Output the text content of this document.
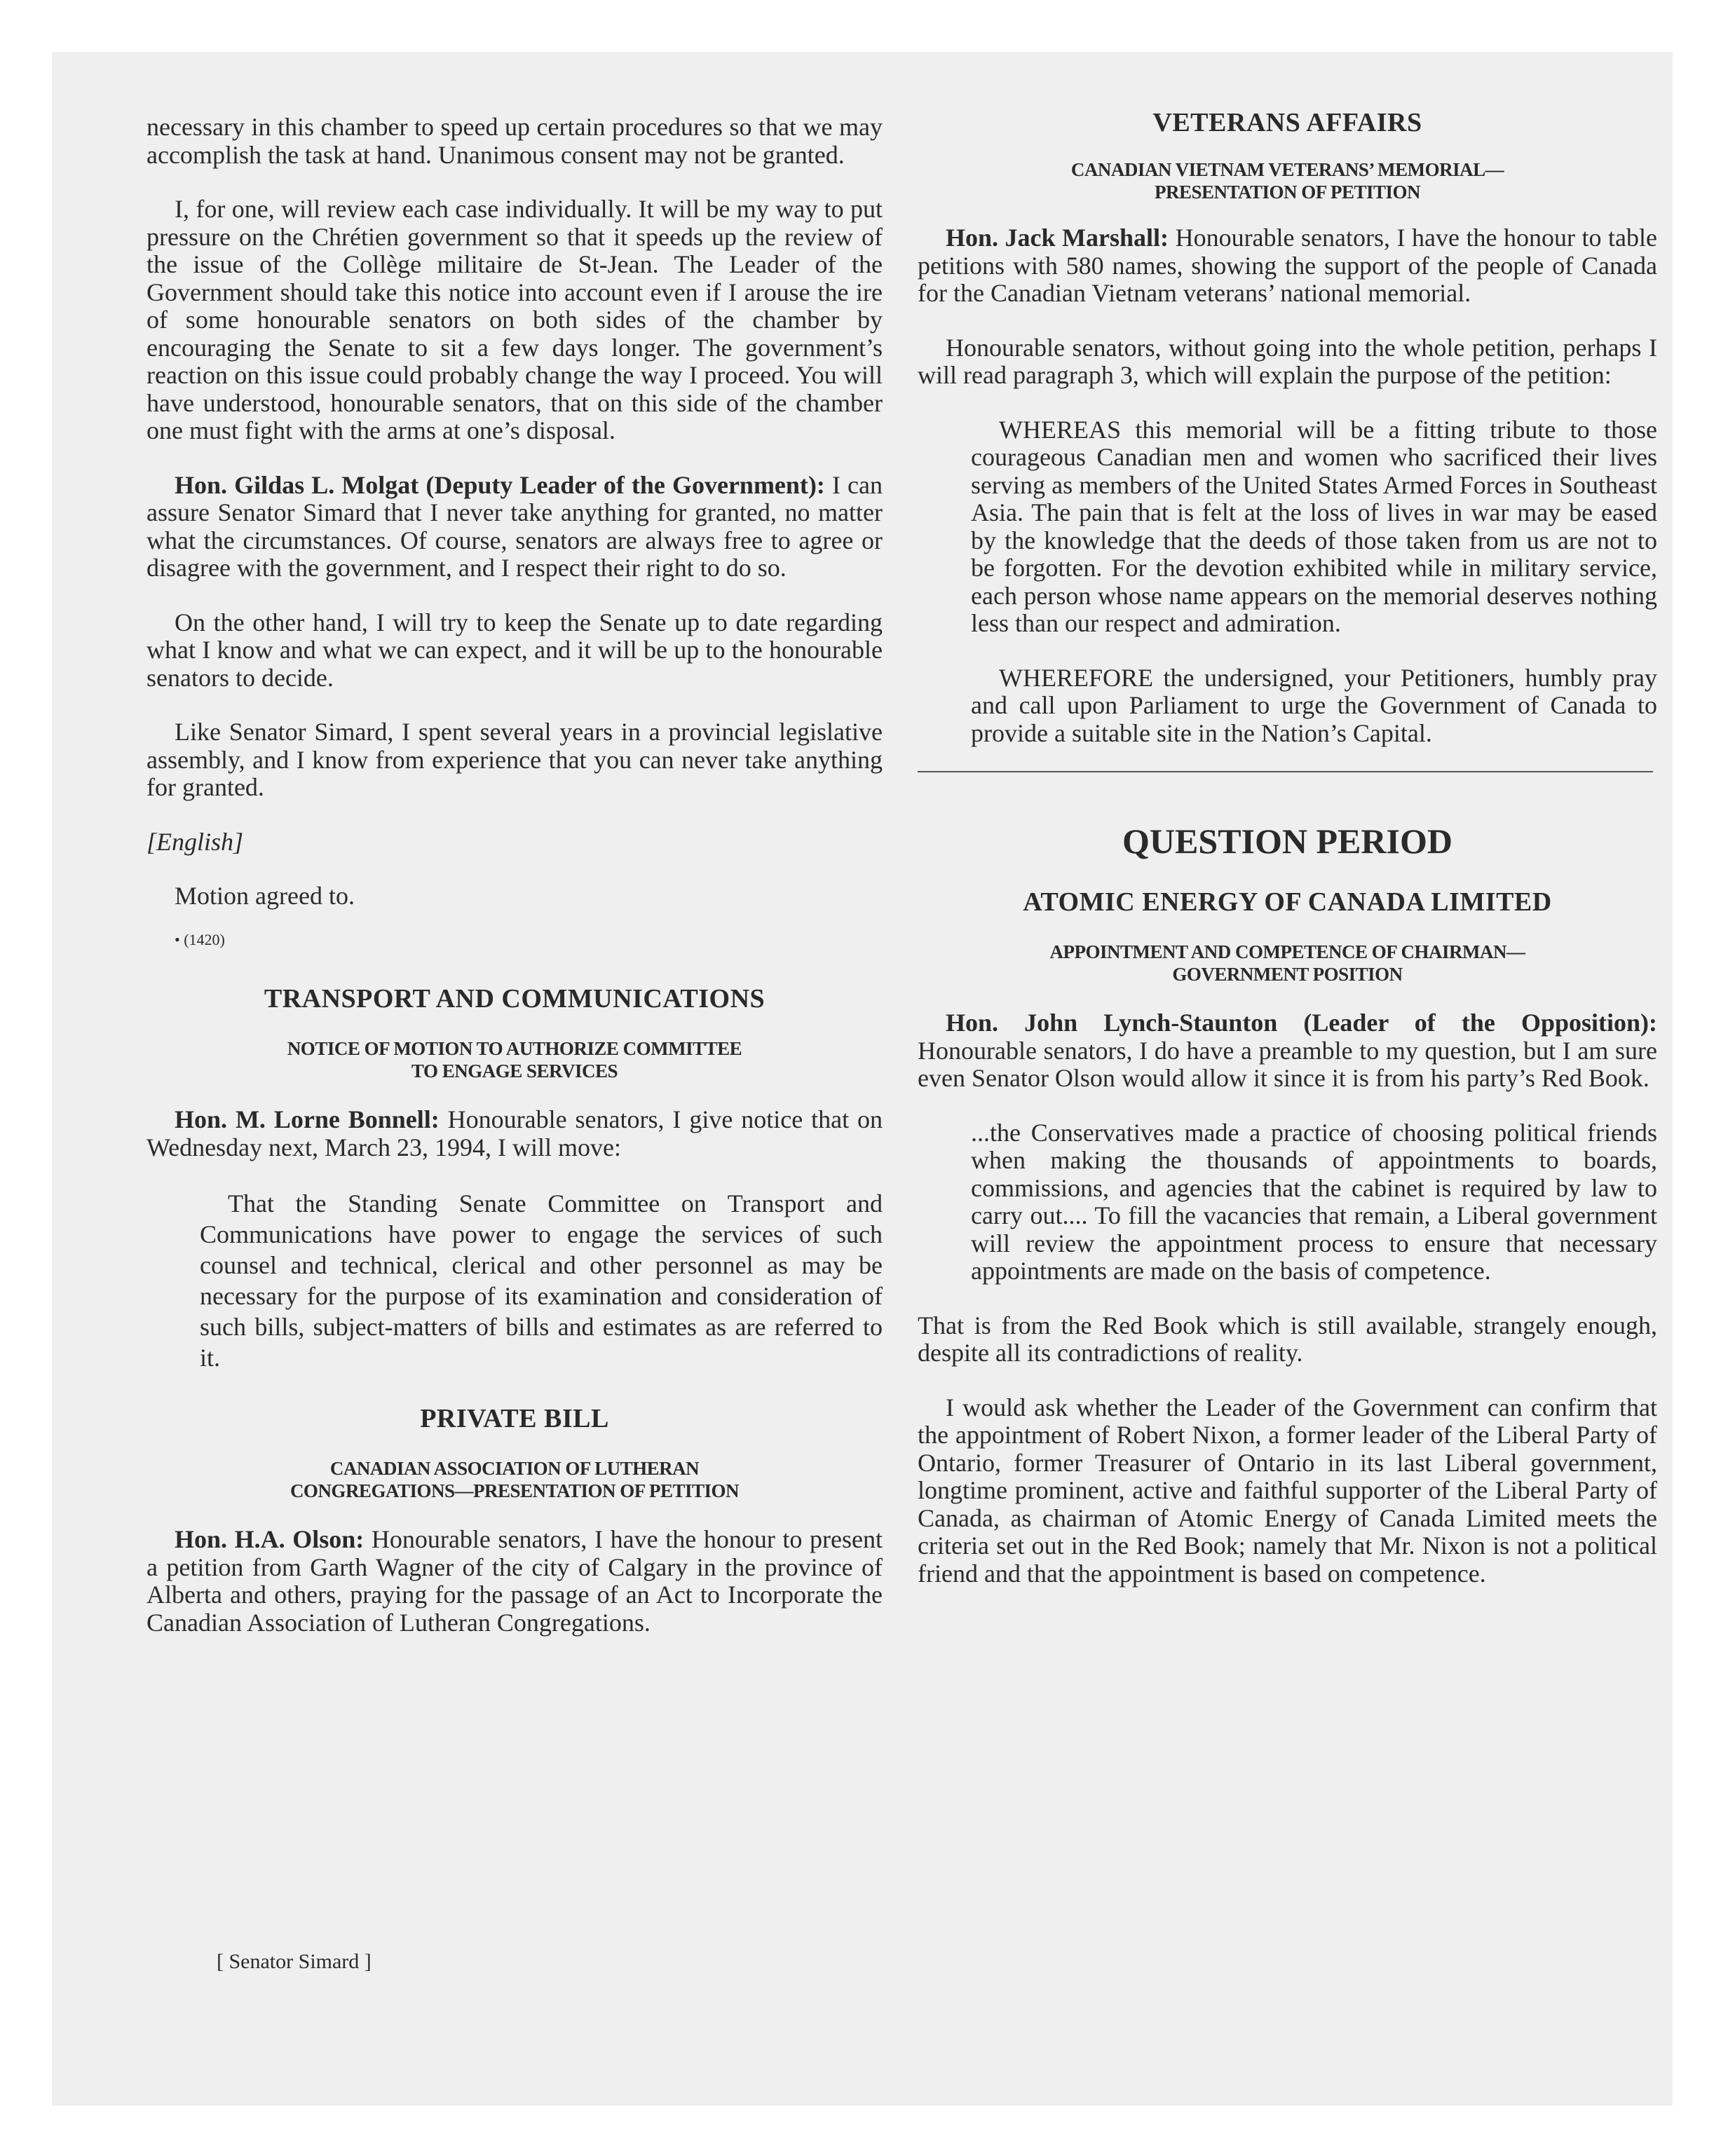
necessary in this chamber to speed up certain procedures so that we may accomplish the task at hand. Unanimous consent may not be granted.

I, for one, will review each case individually. It will be my way to put pressure on the Chrétien government so that it speeds up the review of the issue of the Collège militaire de St-Jean. The Leader of the Government should take this notice into account even if I arouse the ire of some honourable senators on both sides of the chamber by encouraging the Senate to sit a few days longer. The government’s reaction on this issue could probably change the way I proceed. You will have understood, honourable senators, that on this side of the chamber one must fight with the arms at one’s disposal.

Hon. Gildas L. Molgat (Deputy Leader of the Government): I can assure Senator Simard that I never take anything for granted, no matter what the circumstances. Of course, senators are always free to agree or disagree with the government, and I respect their right to do so.

On the other hand, I will try to keep the Senate up to date regarding what I know and what we can expect, and it will be up to the honourable senators to decide.

Like Senator Simard, I spent several years in a provincial legislative assembly, and I know from experience that you can never take anything for granted.

[English]

Motion agreed to.

• (1420)

TRANSPORT AND COMMUNICATIONS
NOTICE OF MOTION TO AUTHORIZE COMMITTEE
TO ENGAGE SERVICES

Hon. M. Lorne Bonnell: Honourable senators, I give notice that on Wednesday next, March 23, 1994, I will move:

That the Standing Senate Committee on Transport and Communications have power to engage the services of such counsel and technical, clerical and other personnel as may be necessary for the purpose of its examination and consideration of such bills, subject-matters of bills and estimates as are referred to it.

PRIVATE BILL
CANADIAN ASSOCIATION OF LUTHERAN
CONGREGATIONS—PRESENTATION OF PETITION

Hon. H.A. Olson: Honourable senators, I have the honour to present a petition from Garth Wagner of the city of Calgary in the province of Alberta and others, praying for the passage of an Act to Incorporate the Canadian Association of Lutheran Congregations.

VETERANS AFFAIRS
CANADIAN VIETNAM VETERANS’ MEMORIAL—
PRESENTATION OF PETITION

Hon. Jack Marshall: Honourable senators, I have the honour to table petitions with 580 names, showing the support of the people of Canada for the Canadian Vietnam veterans’ national memorial.

Honourable senators, without going into the whole petition, perhaps I will read paragraph 3, which will explain the purpose of the petition:

WHEREAS this memorial will be a fitting tribute to those courageous Canadian men and women who sacrificed their lives serving as members of the United States Armed Forces in Southeast Asia. The pain that is felt at the loss of lives in war may be eased by the knowledge that the deeds of those taken from us are not to be forgotten. For the devotion exhibited while in military service, each person whose name appears on the memorial deserves nothing less than our respect and admiration.

WHEREFORE the undersigned, your Petitioners, humbly pray and call upon Parliament to urge the Government of Canada to provide a suitable site in the Nation’s Capital.

QUESTION PERIOD
ATOMIC ENERGY OF CANADA LIMITED
APPOINTMENT AND COMPETENCE OF CHAIRMAN—
GOVERNMENT POSITION

Hon. John Lynch-Staunton (Leader of the Opposition): Honourable senators, I do have a preamble to my question, but I am sure even Senator Olson would allow it since it is from his party’s Red Book.

...the Conservatives made a practice of choosing political friends when making the thousands of appointments to boards, commissions, and agencies that the cabinet is required by law to carry out.... To fill the vacancies that remain, a Liberal government will review the appointment process to ensure that necessary appointments are made on the basis of competence.

That is from the Red Book which is still available, strangely enough, despite all its contradictions of reality.

I would ask whether the Leader of the Government can confirm that the appointment of Robert Nixon, a former leader of the Liberal Party of Ontario, former Treasurer of Ontario in its last Liberal government, longtime prominent, active and faithful supporter of the Liberal Party of Canada, as chairman of Atomic Energy of Canada Limited meets the criteria set out in the Red Book; namely that Mr. Nixon is not a political friend and that the appointment is based on competence.

[ Senator Simard ]
